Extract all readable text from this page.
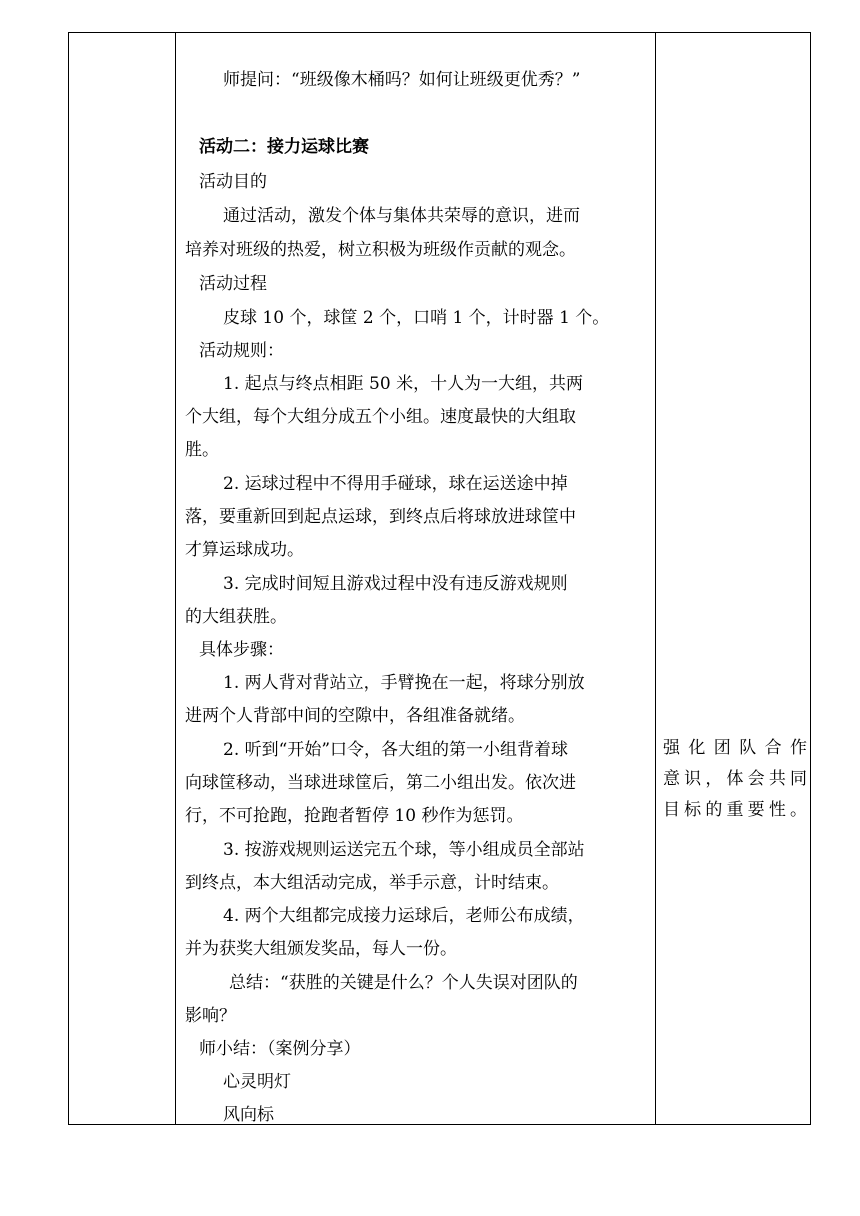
师提问：“班级像木桶吗？如何让班级更优秀？”
活动二：接力运球比赛
活动目的
通过活动，激发个体与集体共荣辱的意识，进而
培养对班级的热爱，树立积极为班级作贡献的观念。
活动过程
皮球 10 个，球筐 2 个，口哨 1 个，计时器 1 个。
活动规则：
1. 起点与终点相距 50 米，十人为一大组，共两
个大组，每个大组分成五个小组。速度最快的大组取
胜。
2. 运球过程中不得用手碰球，球在运送途中掉
落，要重新回到起点运球，到终点后将球放进球筐中
才算运球成功。
3. 完成时间短且游戏过程中没有违反游戏规则
的大组获胜。
具体步骤：
1. 两人背对背站立，手臂挽在一起，将球分别放
进两个人背部中间的空隙中，各组准备就绪。
2. 听到“开始”口令，各大组的第一小组背着球
向球筐移动，当球进球筐后，第二小组出发。依次进
行，不可抢跑，抢跑者暂停 10 秒作为惩罚。
3. 按游戏规则运送完五个球，等小组成员全部站
到终点，本大组活动完成，举手示意，计时结束。
4. 两个大组都完成接力运球后，老师公布成绩，
并为获奖大组颁发奖品，每人一份。
总结：“获胜的关键是什么？个人失误对团队的
影响？
师小结：（案例分享）
心灵明灯
风向标
强化团队合作
意识，体会共同
目标的重要性。
